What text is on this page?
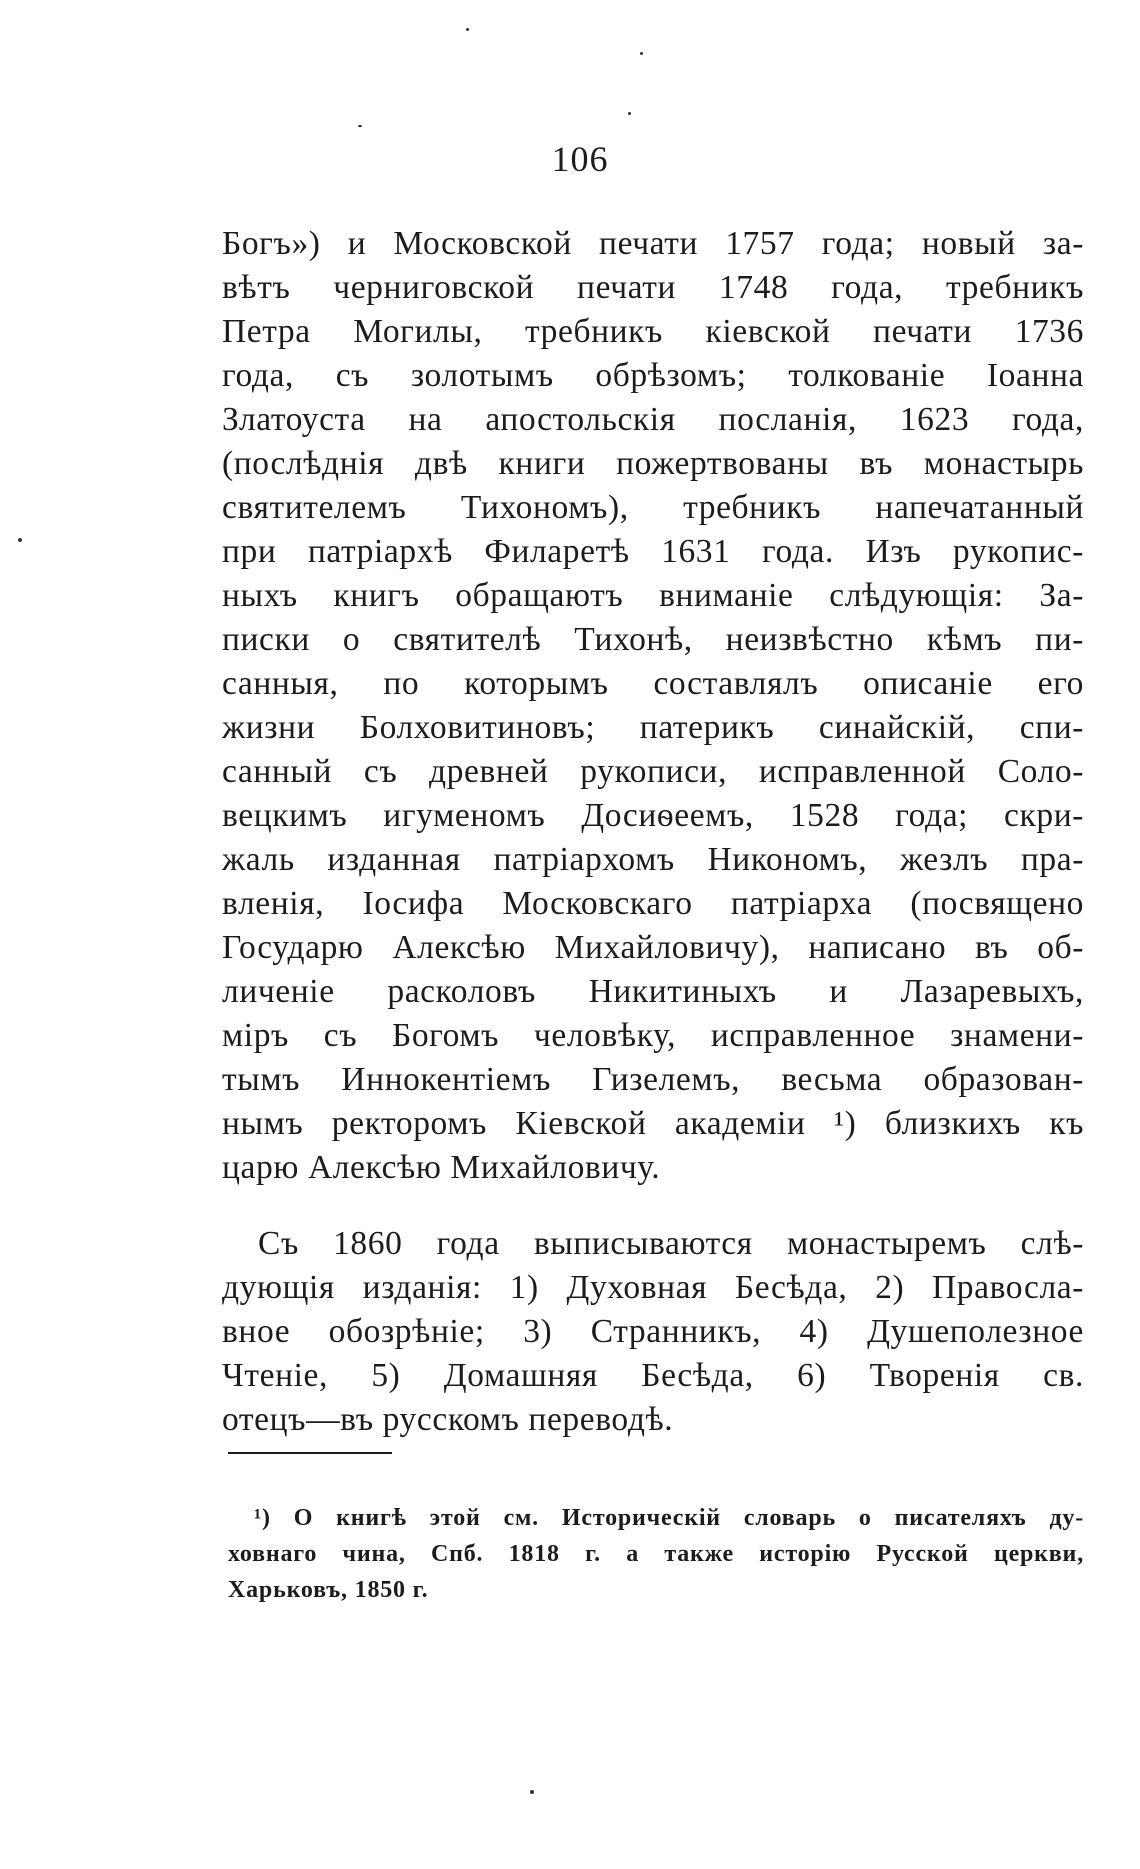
106
Богъ») и Московской печати 1757 года; новый за-
вѣтъ черниговской печати 1748 года, требникъ
Петра Могилы, требникъ кіевской печати 1736
года, съ золотымъ обрѣзомъ; толкованіе Іоанна
Златоуста на апостольскія посланія, 1623 года,
(послѣднія двѣ книги пожертвованы въ монастырь
святителемъ Тихономъ), требникъ напечатанный
при патріархѣ Филаретѣ 1631 года. Изъ рукопис-
ныхъ книгъ обращаютъ вниманіе слѣдующія: За-
писки о святителѣ Тихонѣ, неизвѣстно кѣмъ пи-
санныя, по которымъ составлялъ описаніе его
жизни Болховитиновъ; патерикъ синайскій, спи-
санный съ древней рукописи, исправленной Соло-
вецкимъ игуменомъ Досиѳеемъ, 1528 года; скри-
жаль изданная патріархомъ Никономъ, жезлъ пра-
вленія, Іосифа Московскаго патріарха (посвящено
Государю Алексѣю Михайловичу), написано въ об-
личеніе расколовъ Никитиныхъ и Лазаревыхъ,
міръ съ Богомъ человѣку, исправленное знамени-
тымъ Иннокентіемъ Гизелемъ, весьма образован-
нымъ ректоромъ Кіевской академіи ¹) близкихъ къ
царю Алексѣю Михайловичу.
Съ 1860 года выписываются монастыремъ слѣ-
дующія изданія: 1) Духовная Бесѣда, 2) Правосла-
вное обозрѣніе; 3) Странникъ, 4) Душеполезное
Чтеніе, 5) Домашняя Бесѣда, 6) Творенія св.
отецъ—въ русскомъ переводѣ.
¹) О книгѣ этой см. Историческій словарь о писателяхъ ду-
ховнаго чина, Спб. 1818 г. а также исторію Русской церкви,
Харьковъ, 1850 г.
